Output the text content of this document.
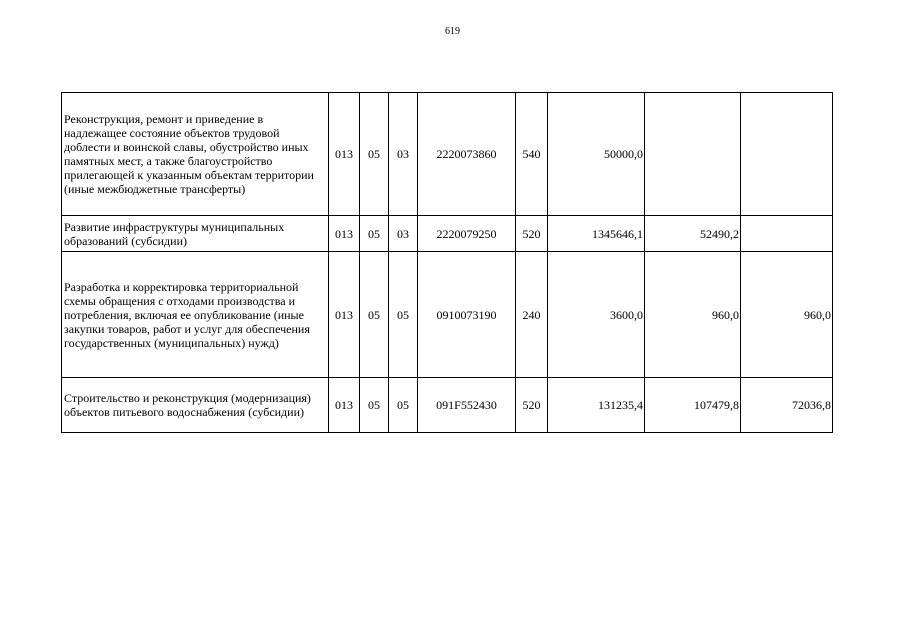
619
Реконструкция, ремонт и приведение в надлежащее состояние объектов трудовой доблести и воинской славы, обустройство иных памятных мест, а также благоустройство прилегающей к указанным объектам территории (иные межбюджетные трансферты)	013	05	03	2220073860	540	50000,0		
Развитие инфраструктуры муниципальных образований (субсидии)	013	05	03	2220079250	520	1345646,1	52490,2	
Разработка и корректировка территориальной схемы обращения с отходами производства и потребления, включая ее опубликование (иные закупки товаров, работ и услуг для обеспечения государственных (муниципальных) нужд)	013	05	05	0910073190	240	3600,0	960,0	960,0
Строительство и реконструкция (модернизация) объектов питьевого водоснабжения (субсидии)	013	05	05	091F552430	520	131235,4	107479,8	72036,8
